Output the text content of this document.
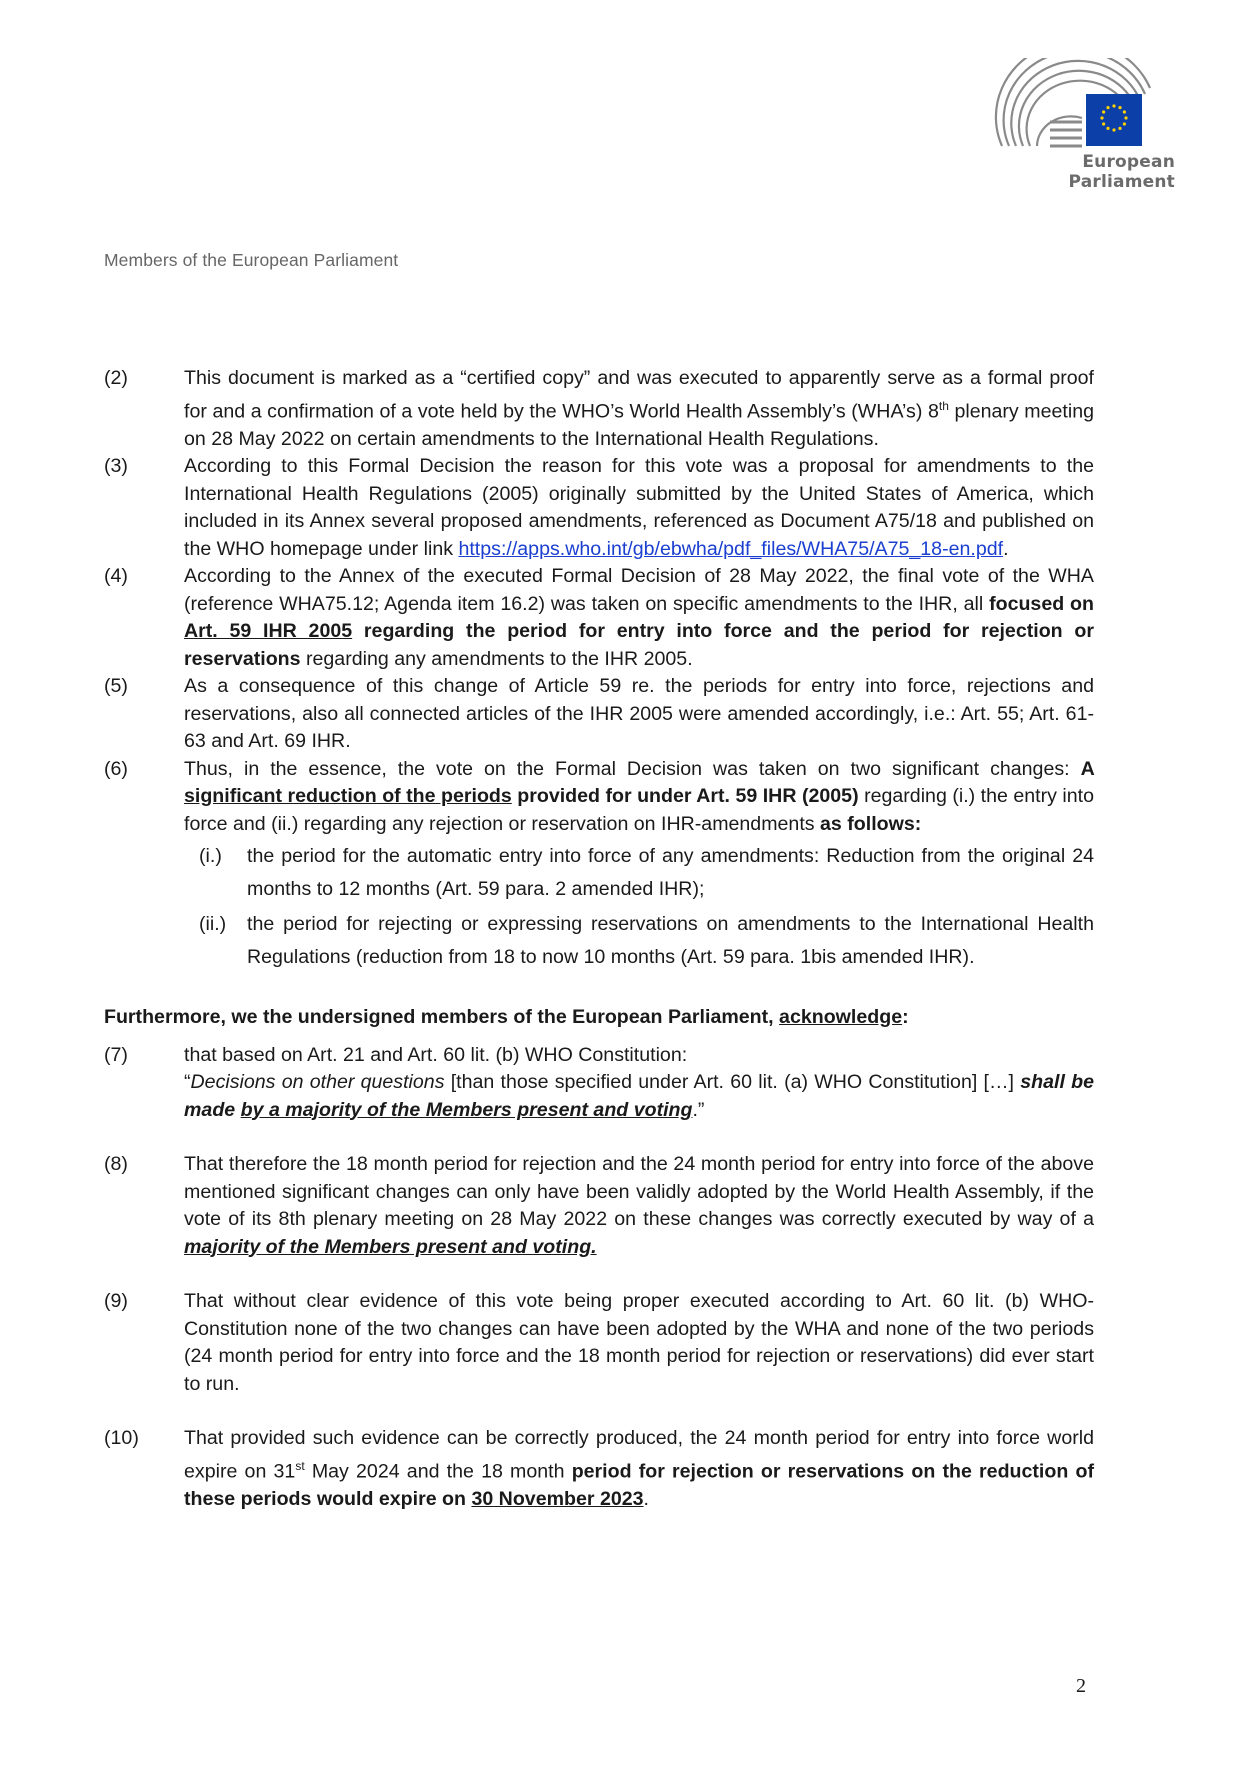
European Parliament
Members of the European Parliament
(2)	This document is marked as a “certified copy” and was executed to apparently serve as a formal proof for and a confirmation of a vote held by the WHO’s World Health Assembly’s (WHA’s) 8th plenary meeting on 28 May 2022 on certain amendments to the International Health Regulations.
(3)	According to this Formal Decision the reason for this vote was a proposal for amendments to the International Health Regulations (2005) originally submitted by the United States of America, which included in its Annex several proposed amendments, referenced as Document A75/18 and published on the WHO homepage under link https://apps.who.int/gb/ebwha/pdf_files/WHA75/A75_18-en.pdf.
(4)	According to the Annex of the executed Formal Decision of 28 May 2022, the final vote of the WHA (reference WHA75.12; Agenda item 16.2) was taken on specific amendments to the IHR, all focused on Art. 59 IHR 2005 regarding the period for entry into force and the period for rejection or reservations regarding any amendments to the IHR 2005.
(5)	As a consequence of this change of Article 59 re. the periods for entry into force, rejections and reservations, also all connected articles of the IHR 2005 were amended accordingly, i.e.: Art. 55; Art. 61-63 and Art. 69 IHR.
(6)	Thus, in the essence, the vote on the Formal Decision was taken on two significant changes: A significant reduction of the periods provided for under Art. 59 IHR (2005) regarding (i.) the entry into force and (ii.) regarding any rejection or reservation on IHR-amendments as follows:
(i.)	the period for the automatic entry into force of any amendments: Reduction from the original 24 months to 12 months (Art. 59 para. 2 amended IHR);
(ii.)	the period for rejecting or expressing reservations on amendments to the International Health Regulations (reduction from 18 to now 10 months (Art. 59 para. 1bis amended IHR).
Furthermore, we the undersigned members of the European Parliament, acknowledge:
(7)	that based on Art. 21 and Art. 60 lit. (b) WHO Constitution:

“Decisions on other questions [than those specified under Art. 60 lit. (a) WHO Constitution] […] shall be made by a majority of the Members present and voting.”

(8)	That therefore the 18 month period for rejection and the 24 month period for entry into force of the above mentioned significant changes can only have been validly adopted by the World Health Assembly, if the vote of its 8th plenary meeting on 28 May 2022 on these changes was correctly executed by way of a majority of the Members present and voting.
(9)	That without clear evidence of this vote being proper executed according to Art. 60 lit. (b) WHO-Constitution none of the two changes can have been adopted by the WHA and none of the two periods (24 month period for entry into force and the 18 month period for rejection or reservations) did ever start to run.
(10)	That provided such evidence can be correctly produced, the 24 month period for entry into force world expire on 31st May 2024 and the 18 month period for rejection or reservations on the reduction of these periods would expire on 30 November 2023.
2
